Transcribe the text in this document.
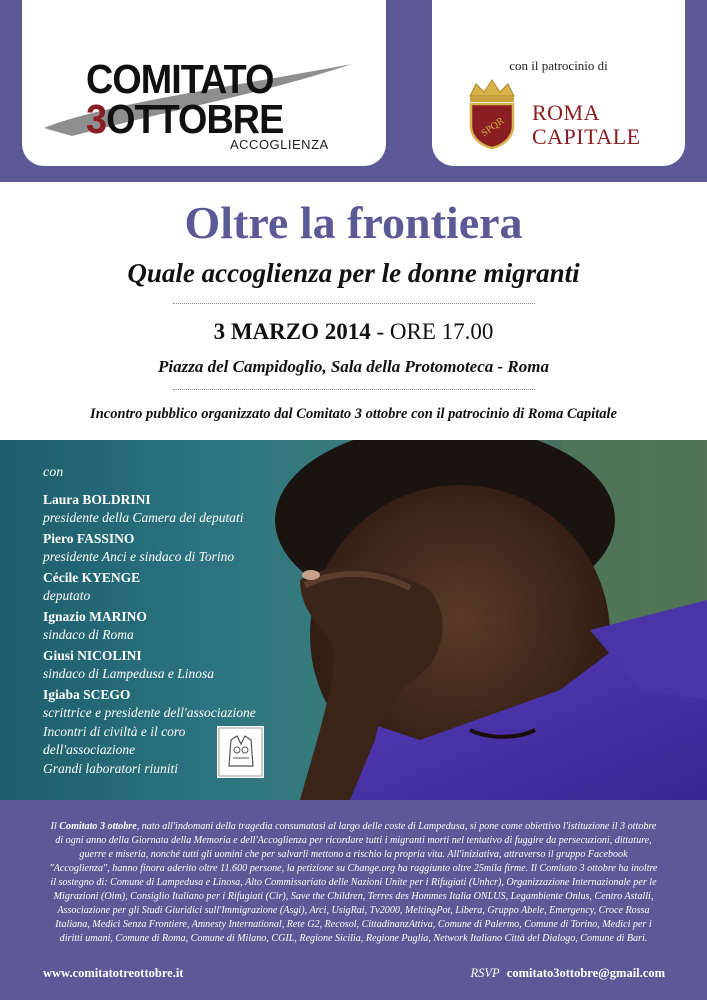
COMITATO
3OTTOBRE
ACCOGLIENZA
con il patrocinio di
SPQR
ROMA
CAPITALE
Oltre la frontiera
Quale accoglienza per le donne migranti
3 MARZO 2014 - ORE 17.00
Piazza del Campidoglio, Sala della Protomoteca - Roma
Incontro pubblico organizzato dal Comitato 3 ottobre con il patrocinio di Roma Capitale
con
Laura BOLDRINI
presidente della Camera dei deputati
Piero FASSINO
presidente Anci e sindaco di Torino
Cécile KYENGE
deputato
Ignazio MARINO
sindaco di Roma
Giusi NICOLINI
sindaco di Lampedusa e Linosa
Igiaba SCEGO
scrittrice e presidente dell'associazione
Incontri di civiltà e il coro
dell'associazione
Grandi laboratori riuniti
Il Comitato 3 ottobre, nato all'indomani della tragedia consumatasi al largo delle coste di Lampedusa, si pone come obiettivo l'istituzione il 3 ottobre di ogni anno della Giornata della Memoria e dell'Accoglienza per ricordare tutti i migranti morti nel tentativo di fuggire da persecuzioni, dittature, guerre e miseria, nonché tutti gli uomini che per salvarli mettono a rischio la propria vita. All'iniziativa, attraverso il gruppo Facebook "Accoglienza", hanno finora aderito oltre 11.600 persone, la petizione su Change.org ha raggiunto oltre 25mila firme. Il Comitato 3 ottobre ha inoltre il sostegno di: Comune di Lampedusa e Linosa, Alto Commissariato delle Nazioni Unite per i Rifugiati (Unhcr), Organizzazione Internazionale per le Migrazioni (Oim), Consiglio Italiano per i Rifugiati (Cir), Save the Children, Terres des Hommes Italia ONLUS, Legambiente Onlus, Centro Astalli, Associazione per gli Studi Giuridici sull'Immigrazione (Asgi), Arci, UsigRai, Tv2000, MeltingPot, Libera, Gruppo Abele, Emergency, Croce Rossa Italiana, Medici Senza Frontiere, Amnesty International, Rete G2, Recosol, CittadinanzAttiva, Comune di Palermo, Comune di Torino, Medici per i diritti umani, Comune di Roma, Comune di Milano, CGIL, Regione Sicilia, Regione Puglia, Network Italiano Città del Dialogo, Comune di Bari.
www.comitatotreottobre.it	RSVP comitato3ottobre@gmail.com
